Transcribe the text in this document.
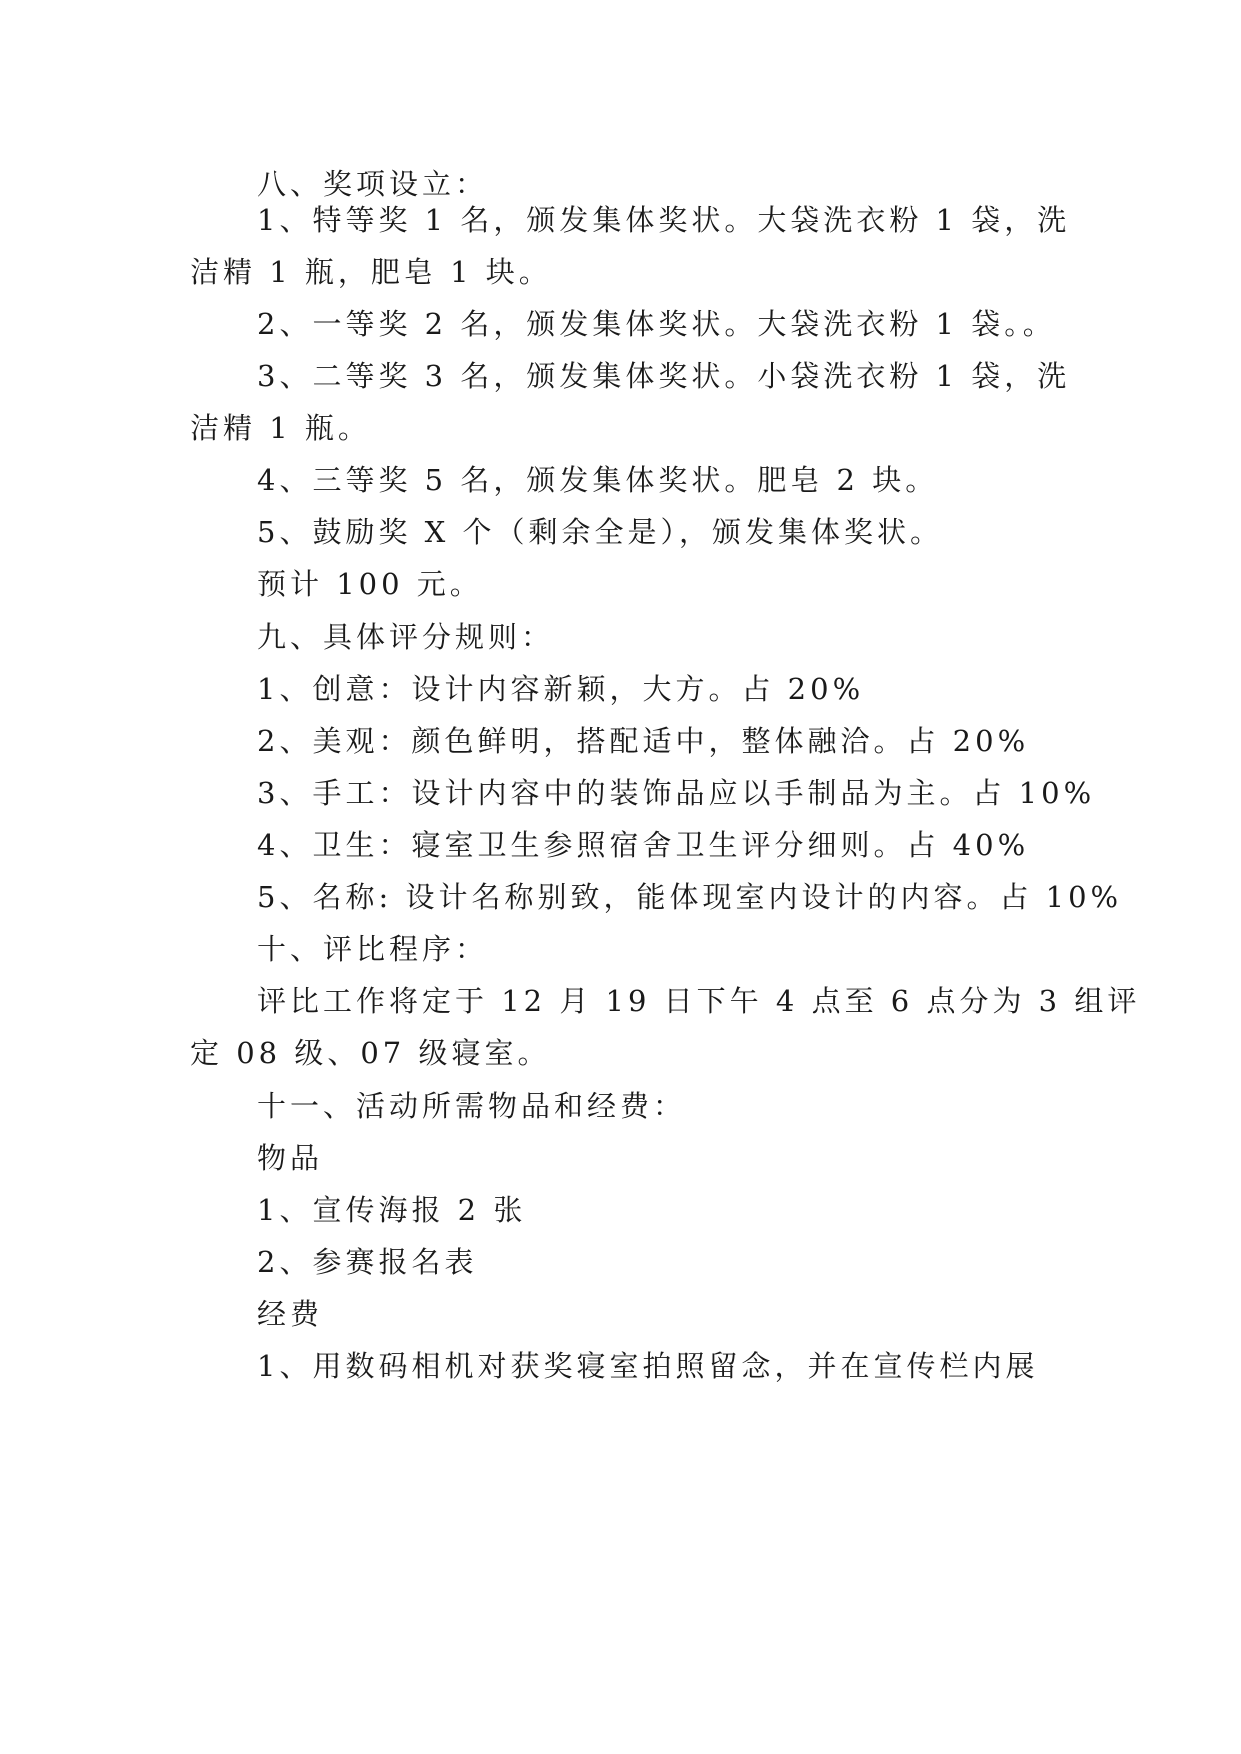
八、奖项设立：
1、特等奖 1 名，颁发集体奖状。大袋洗衣粉 1 袋，洗
洁精 1 瓶，肥皂 1 块。
2、一等奖 2 名，颁发集体奖状。大袋洗衣粉 1 袋。。
3、二等奖 3 名，颁发集体奖状。小袋洗衣粉 1 袋，洗
洁精 1 瓶。
4、三等奖 5 名，颁发集体奖状。肥皂 2 块。
5、鼓励奖 X 个（剩余全是），颁发集体奖状。
预计 100 元。
九、具体评分规则：
1、创意：设计内容新颖，大方。占 20%
2、美观：颜色鲜明，搭配适中，整体融洽。占 20%
3、手工：设计内容中的装饰品应以手制品为主。占 10%
4、卫生：寝室卫生参照宿舍卫生评分细则。占 40%
5、名称: 设计名称别致，能体现室内设计的内容。占 10%
十、评比程序：
评比工作将定于 12 月 19 日下午 4 点至 6 点分为 3 组评
定 08 级、07 级寝室。
十一、活动所需物品和经费：
物品
1、宣传海报 2 张
2、参赛报名表
经费
1、用数码相机对获奖寝室拍照留念，并在宣传栏内展
